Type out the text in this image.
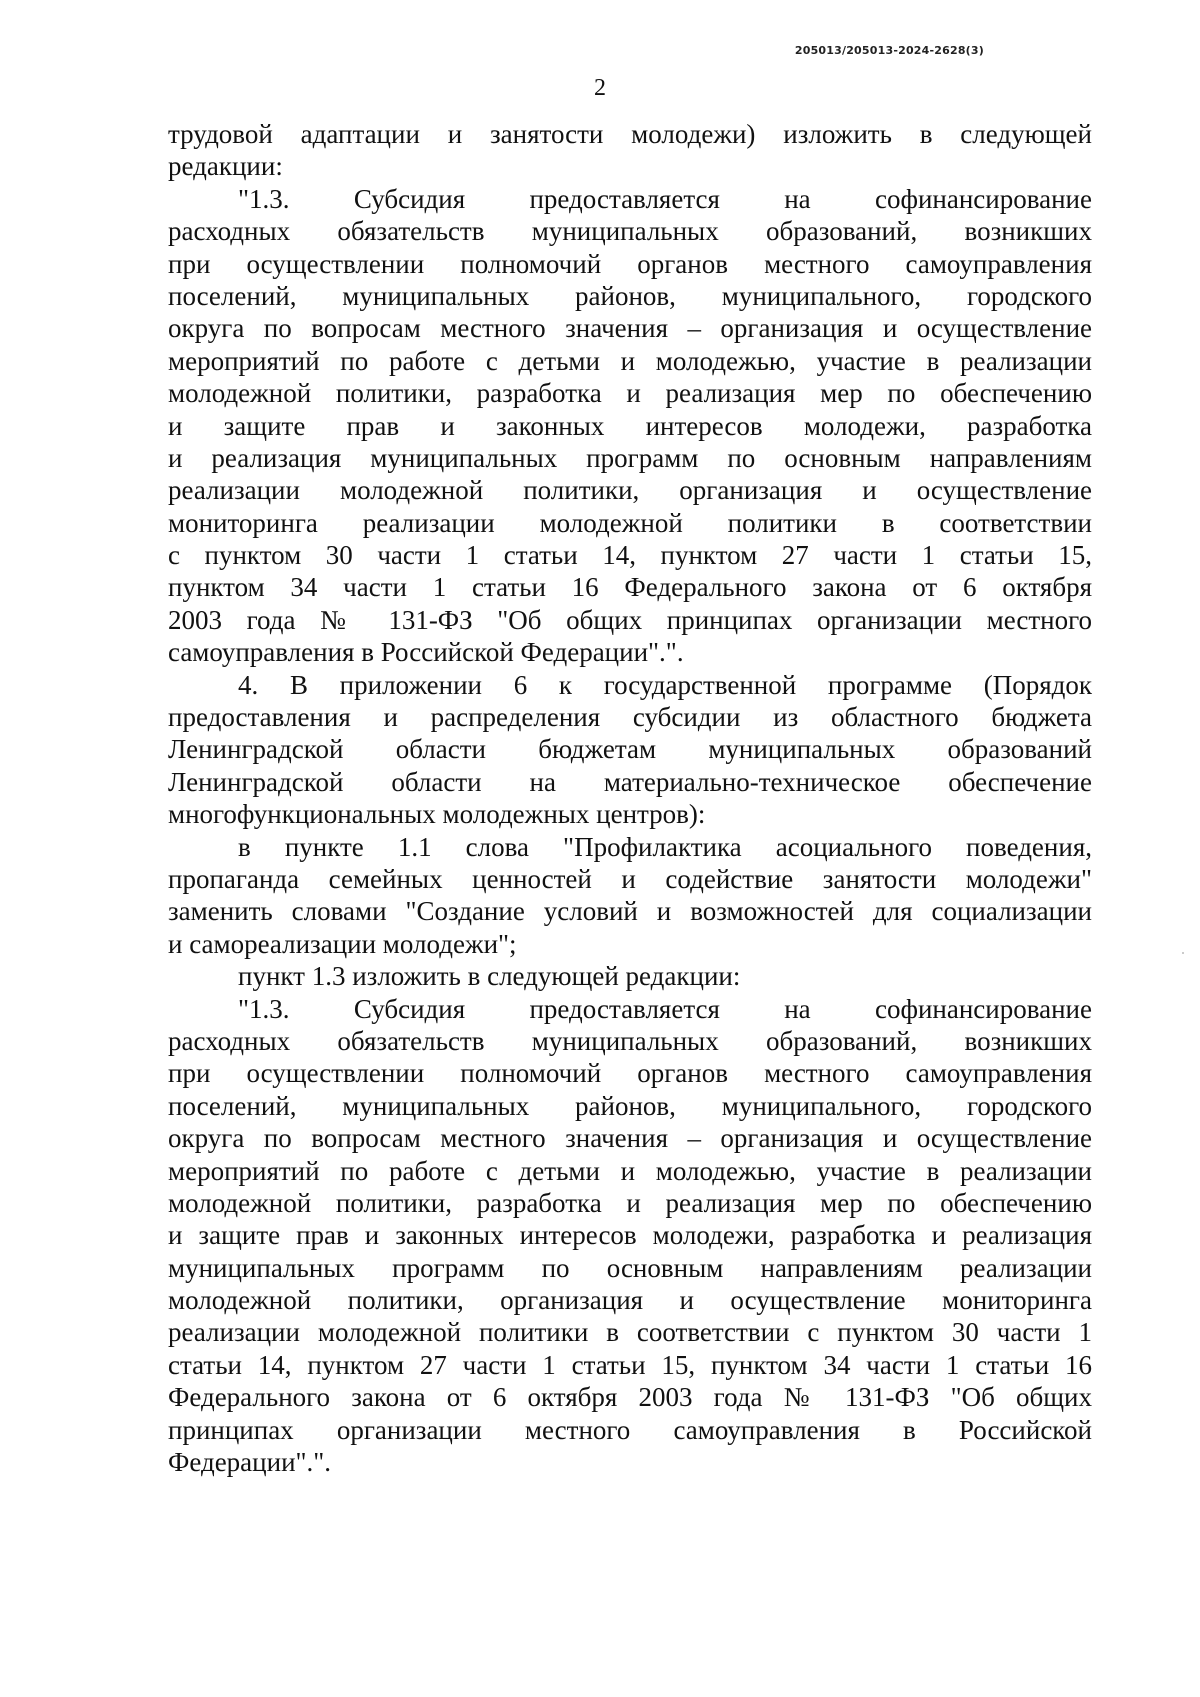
205013/205013-2024-2628(3)
2
трудовой адаптации и занятости молодежи) изложить в следующей
редакции:
"1.3. Субсидия предоставляется на софинансирование
расходных обязательств муниципальных образований, возникших
при осуществлении полномочий органов местного самоуправления
поселений, муниципальных районов, муниципального, городского
округа по вопросам местного значения – организация и осуществление
мероприятий по работе с детьми и молодежью, участие в реализации
молодежной политики, разработка и реализация мер по обеспечению
и защите прав и законных интересов молодежи, разработка
и реализация муниципальных программ по основным направлениям
реализации молодежной политики, организация и осуществление
мониторинга реализации молодежной политики в соответствии
с пунктом 30 части 1 статьи 14, пунктом 27 части 1 статьи 15,
пунктом 34 части 1 статьи 16 Федерального закона от 6 октября
2003 года № 131-ФЗ "Об общих принципах организации местного
самоуправления в Российской Федерации".".
4. В приложении 6 к государственной программе (Порядок
предоставления и распределения субсидии из областного бюджета
Ленинградской области бюджетам муниципальных образований
Ленинградской области на материально-техническое обеспечение
многофункциональных молодежных центров):
в пункте 1.1 слова "Профилактика асоциального поведения,
пропаганда семейных ценностей и содействие занятости молодежи"
заменить словами "Создание условий и возможностей для социализации
и самореализации молодежи";
пункт 1.3 изложить в следующей редакции:
"1.3. Субсидия предоставляется на софинансирование
расходных обязательств муниципальных образований, возникших
при осуществлении полномочий органов местного самоуправления
поселений, муниципальных районов, муниципального, городского
округа по вопросам местного значения – организация и осуществление
мероприятий по работе с детьми и молодежью, участие в реализации
молодежной политики, разработка и реализация мер по обеспечению
и защите прав и законных интересов молодежи, разработка и реализация
муниципальных программ по основным направлениям реализации
молодежной политики, организация и осуществление мониторинга
реализации молодежной политики в соответствии с пунктом 30 части 1
статьи 14, пунктом 27 части 1 статьи 15, пунктом 34 части 1 статьи 16
Федерального закона от 6 октября 2003 года № 131-ФЗ "Об общих
принципах организации местного самоуправления в Российской
Федерации".".
